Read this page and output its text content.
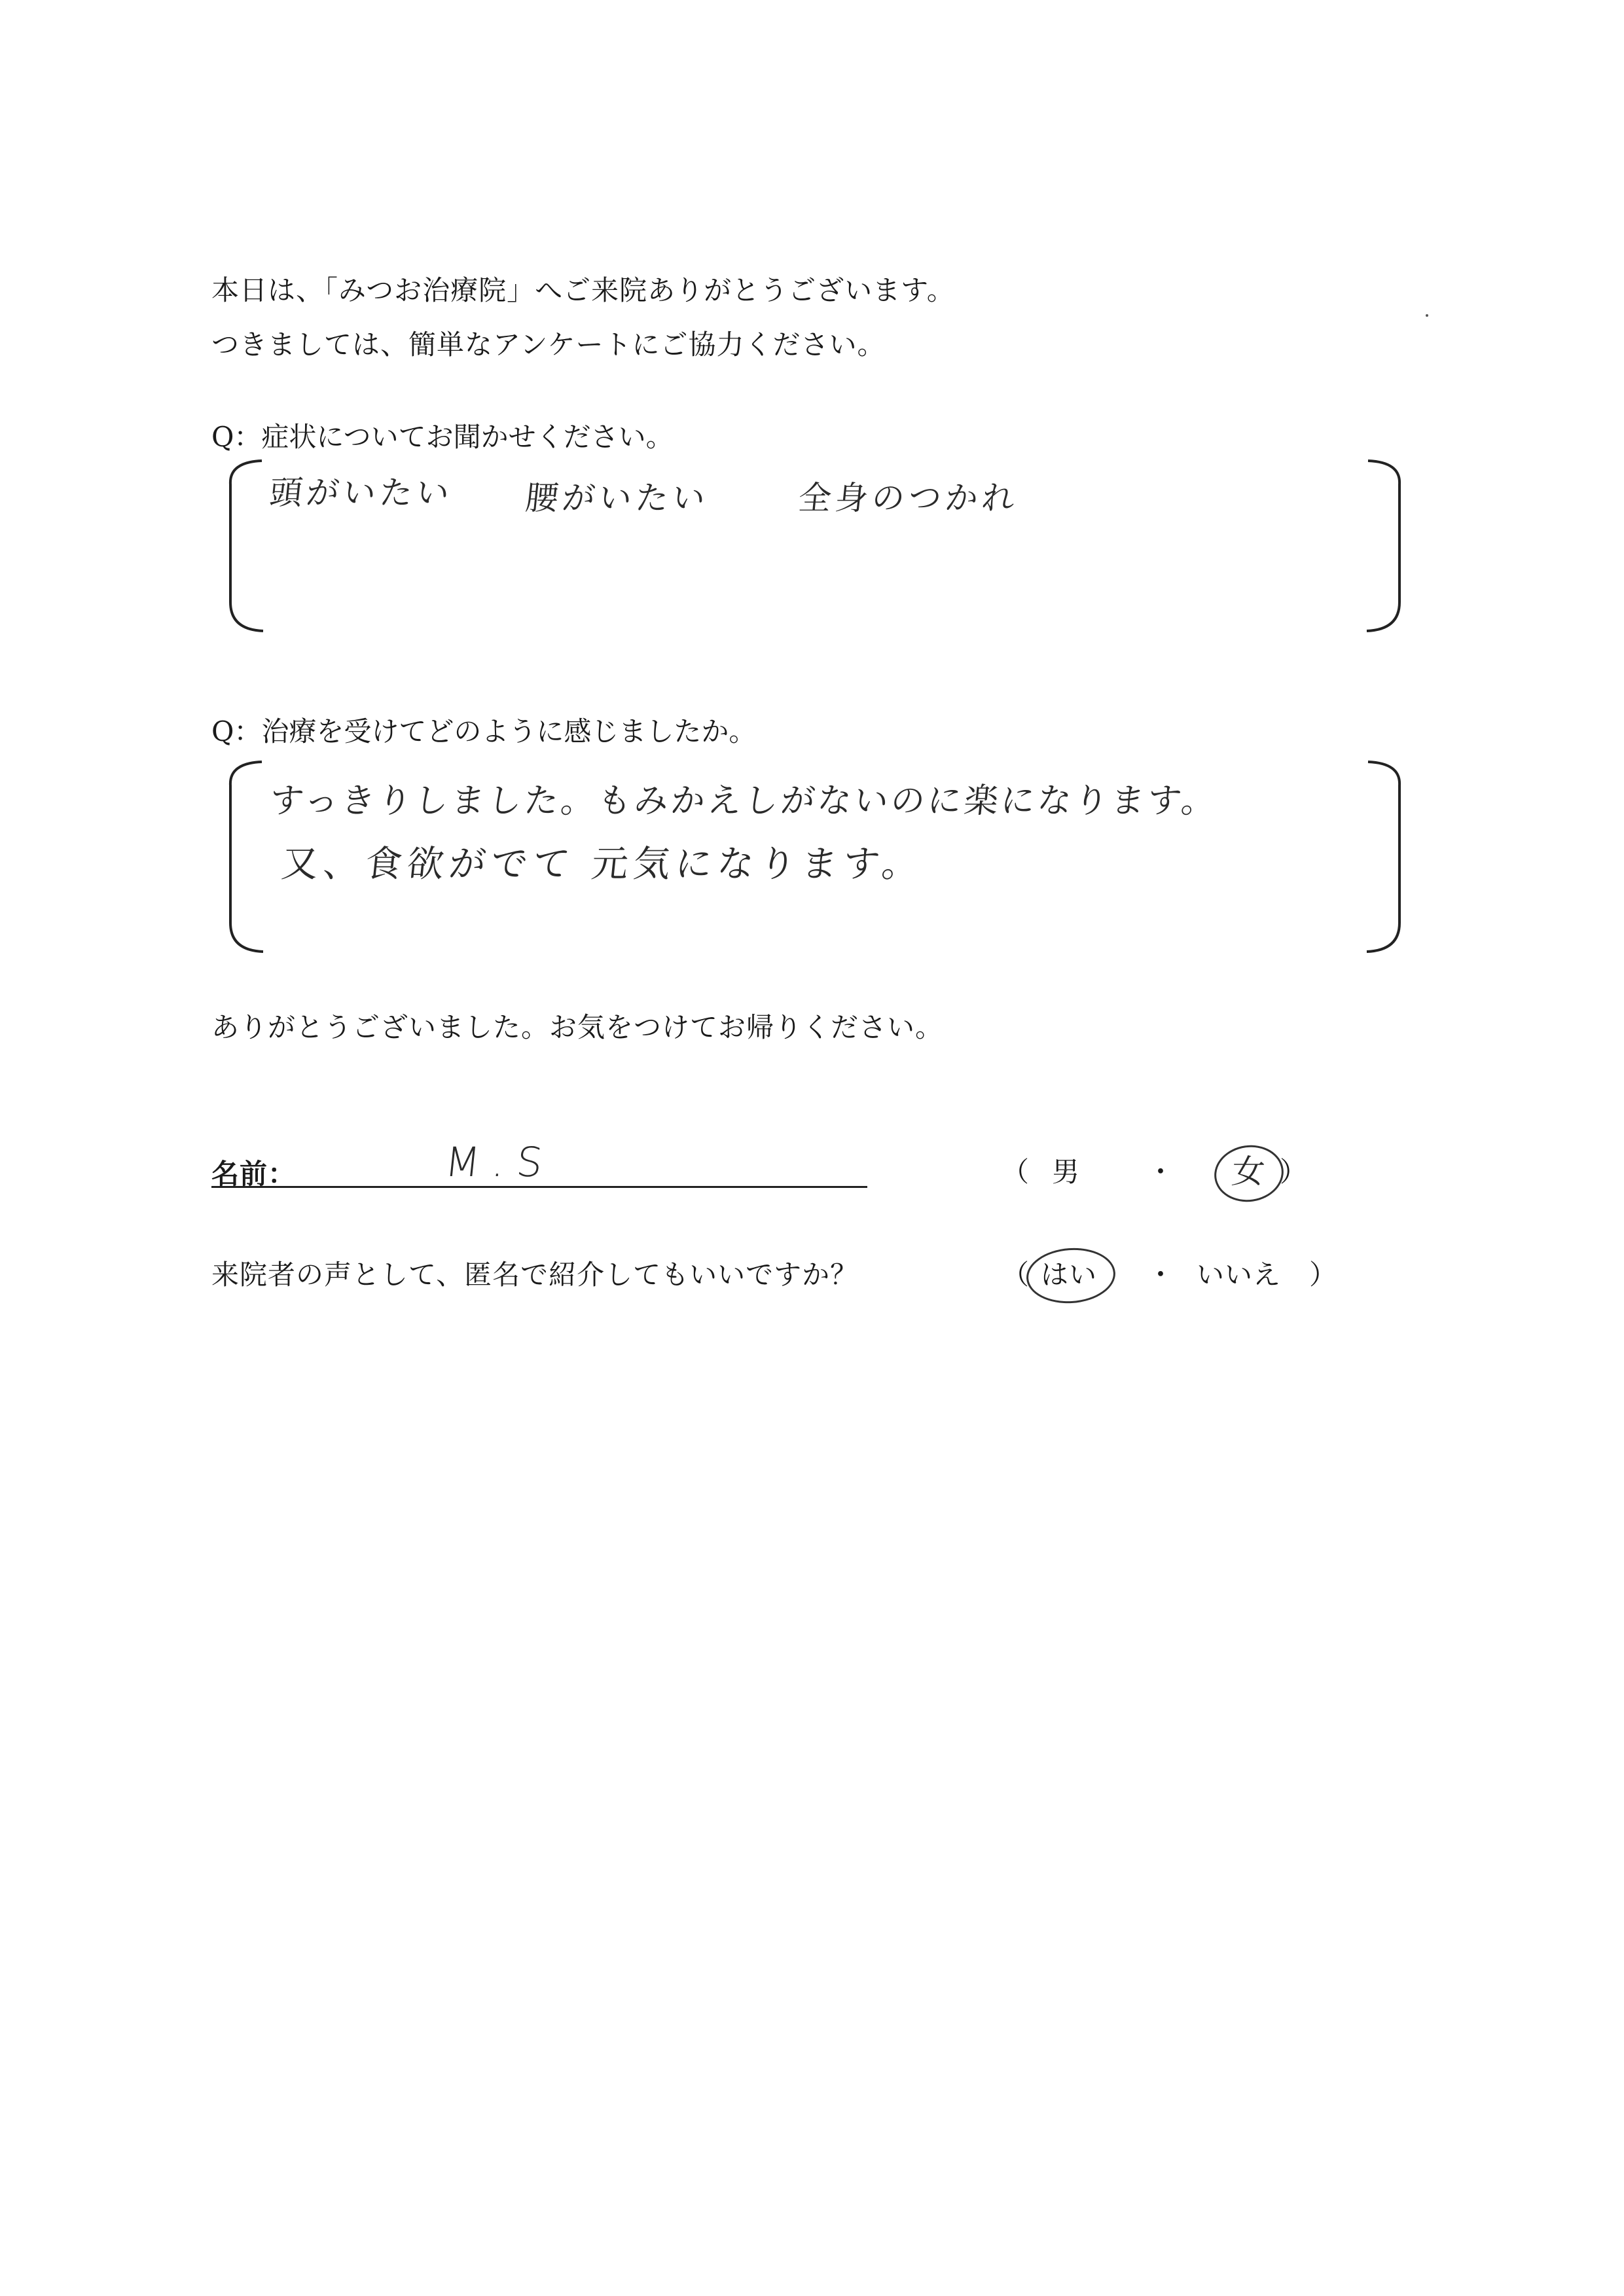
本日は、「みつお治療院」へご来院ありがとうございます。
つきましては、簡単なアンケートにご協力ください。
Q：症状についてお聞かせください。
頭がいたい 腰がいたい	全身のつかれ
Q：治療を受けてどのように感じましたか。
すっきりしました。もみかえしがないのに楽になります。
又、食欲がでて 元気になります。
ありがとうございました。お気をつけてお帰りください。
名前：	M.S	（ 男 ・ 女 ）
来院者の声として、匿名で紹介してもいいですか？	（ はい ・ いいえ ）
